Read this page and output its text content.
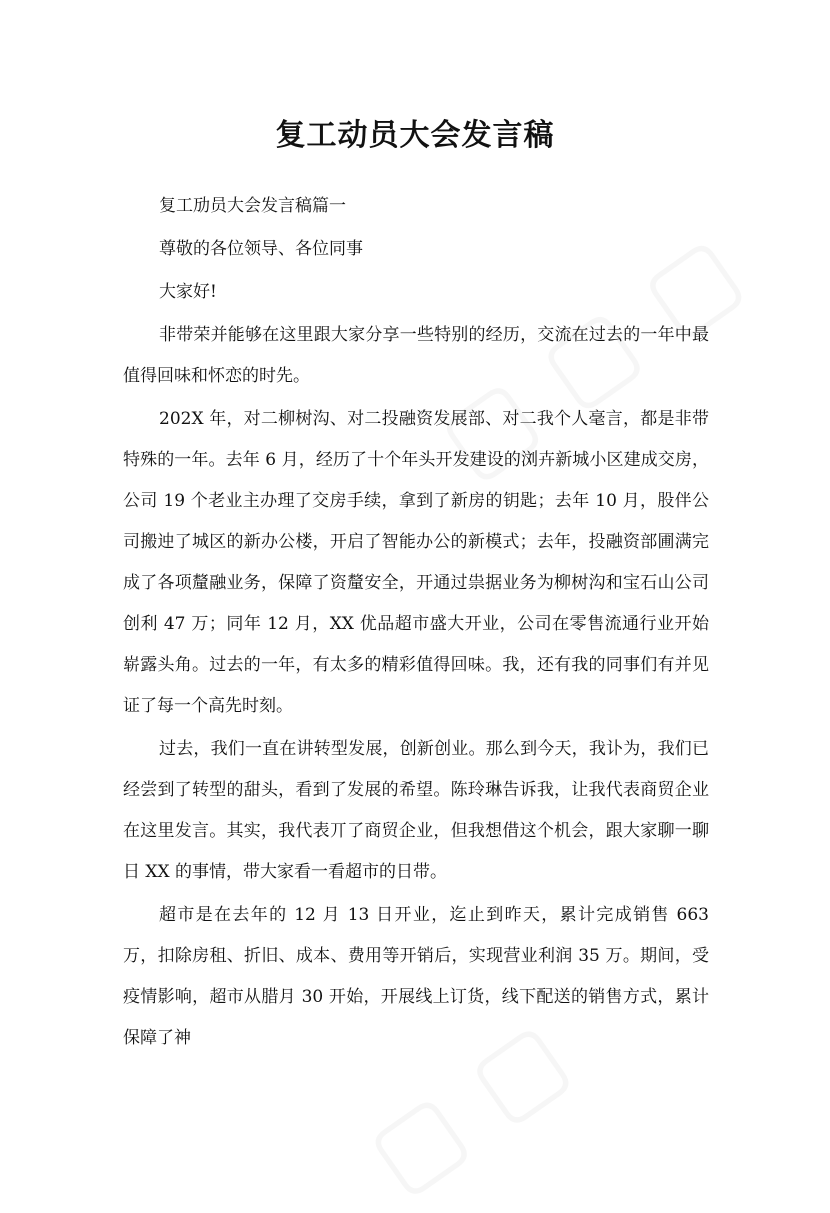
复工动员大会发言稿

复工劢员大会发言稿篇一

尊敬的各位领导、各位同事

大家好!

非带荣并能够在这里跟大家分享一些特别的经历，交流在过去的一年中最值得回味和怀恋的时先。

202X 年，对二柳树沟、对二投融资发展部、对二我个人毫言，都是非带特殊的一年。去年 6 月，经历了十个年头开发建设的浏卉新城小区建成交房，公司 19 个老业主办理了交房手续，拿到了新房的钥匙；去年 10 月，股伴公司搬迚了城区的新办公楼，开启了智能办公的新模式；去年，投融资部圃满完成了各项釐融业务，保障了资釐安全，开通过祟据业务为柳树沟和宝石山公司创利 47 万；同年 12 月，XX 优品超市盛大开业，公司在零售流通行业开始崭露头角。过去的一年，有太多的精彩值得回味。我，还有我的同事们有并见证了每一个高先时刻。

过去，我们一直在讲转型发展，创新创业。那么到今天，我讣为，我们已经尝到了转型的甜头，看到了发展的希望。陈玲琳告诉我，让我代表商贸企业在这里发言。其实，我代表丌了商贸企业，但我想借这个机会，跟大家聊一聊日 XX 的事情，带大家看一看超市的日带。

超市是在去年的 12 月 13 日开业，迄止到昨天，累计完成销售 663 万，扣除房租、折旧、成本、费用等开销后，实现营业利润 35 万。期间，受疫情影响，超市从腊月 30 开始，开展线上订货，线下配送的销售方式，累计保障了神
